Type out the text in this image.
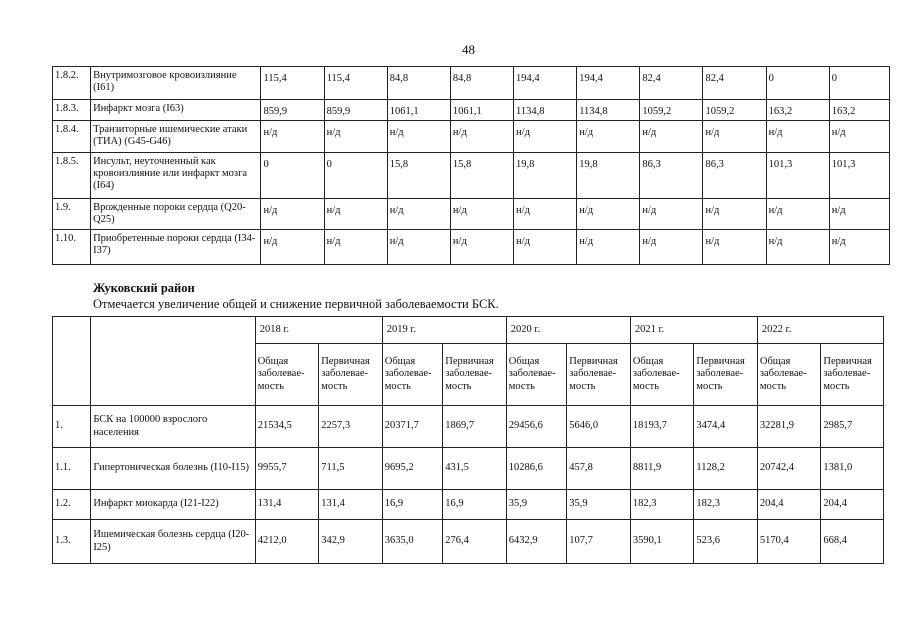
48
1.8.2.	Внутримозговое кровоизлияние (I61)	115,4	115,4	84,8	84,8	194,4	194,4	82,4	82,4	0	0
1.8.3.	Инфаркт мозга (I63)	859,9	859,9	1061,1	1061,1	1134,8	1134,8	1059,2	1059,2	163,2	163,2
1.8.4.	Транзиторные ишемические атаки (ТИА) (G45-G46)	н/д	н/д	н/д	н/д	н/д	н/д	н/д	н/д	н/д	н/д
1.8.5.	Инсульт, неуточненный как кровоизлияние или инфаркт мозга (I64)	0	0	15,8	15,8	19,8	19,8	86,3	86,3	101,3	101,3
1.9.	Врожденные пороки сердца (Q20-Q25)	н/д	н/д	н/д	н/д	н/д	н/д	н/д	н/д	н/д	н/д
1.10.	Приобретенные пороки сердца (I34-I37)	н/д	н/д	н/д	н/д	н/д	н/д	н/д	н/д	н/д	н/д
Жуковский район
Отмечается увеличение общей и снижение первичной заболеваемости БСК.
		2018 г.		2019 г.		2020 г.		2021 г.		2022 г.	
		Общая заболевае-мость	Первичная заболевае-мость	Общая заболевае-мость	Первичная заболевае-мость	Общая заболевае-мость	Первичная заболевае-мость	Общая заболевае-мость	Первичная заболевае-мость	Общая заболевае-мость	Первичная заболевае-мость
1.	БСК на 100000 взрослого населения	21534,5	2257,3	20371,7	1869,7	29456,6	5646,0	18193,7	3474,4	32281,9	2985,7
1.1.	Гипертоническая болезнь (I10-I15)	9955,7	711,5	9695,2	431,5	10286,6	457,8	8811,9	1128,2	20742,4	1381,0
1.2.	Инфаркт миокарда (I21-I22)	131,4	131,4	16,9	16,9	35,9	35,9	182,3	182,3	204,4	204,4
1.3.	Ишемическая болезнь сердца (I20-I25)	4212,0	342,9	3635,0	276,4	6432,9	107,7	3590,1	523,6	5170,4	668,4
